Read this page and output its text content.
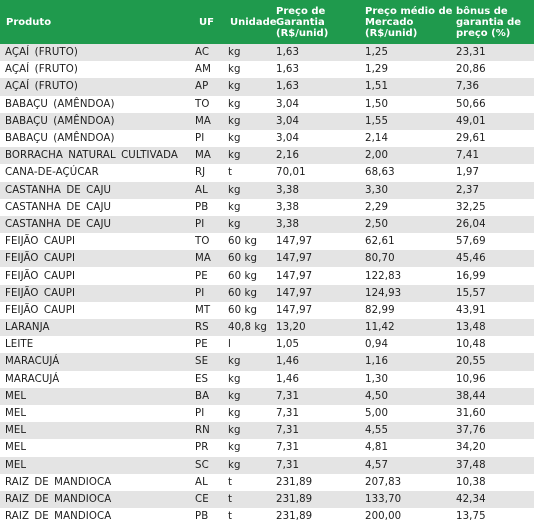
Produto	UF	Unidade	Preço de Garantia (R$/unid)	Preço médio de Mercado (R$/unid)	bônus de garantia de preço (%)
AÇAÍ (FRUTO)	AC	kg	1,63	1,25	23,31
AÇAÍ (FRUTO)	AM	kg	1,63	1,29	20,86
AÇAÍ (FRUTO)	AP	kg	1,63	1,51	7,36
BABAÇU (AMÊNDOA)	TO	kg	3,04	1,50	50,66
BABAÇU (AMÊNDOA)	MA	kg	3,04	1,55	49,01
BABAÇU (AMÊNDOA)	PI	kg	3,04	2,14	29,61
BORRACHA NATURAL CULTIVADA	MA	kg	2,16	2,00	7,41
CANA-DE-AÇÚCAR	RJ	t	70,01	68,63	1,97
CASTANHA DE CAJU	AL	kg	3,38	3,30	2,37
CASTANHA DE CAJU	PB	kg	3,38	2,29	32,25
CASTANHA DE CAJU	PI	kg	3,38	2,50	26,04
FEIJÃO CAUPI	TO	60 kg	147,97	62,61	57,69
FEIJÃO CAUPI	MA	60 kg	147,97	80,70	45,46
FEIJÃO CAUPI	PE	60 kg	147,97	122,83	16,99
FEIJÃO CAUPI	PI	60 kg	147,97	124,93	15,57
FEIJÃO CAUPI	MT	60 kg	147,97	82,99	43,91
LARANJA	RS	40,8 kg	13,20	11,42	13,48
LEITE	PE	l	1,05	0,94	10,48
MARACUJÁ	SE	kg	1,46	1,16	20,55
MARACUJÁ	ES	kg	1,46	1,30	10,96
MEL	BA	kg	7,31	4,50	38,44
MEL	PI	kg	7,31	5,00	31,60
MEL	RN	kg	7,31	4,55	37,76
MEL	PR	kg	7,31	4,81	34,20
MEL	SC	kg	7,31	4,57	37,48
RAIZ DE MANDIOCA	AL	t	231,89	207,83	10,38
RAIZ DE MANDIOCA	CE	t	231,89	133,70	42,34
RAIZ DE MANDIOCA	PB	t	231,89	200,00	13,75
